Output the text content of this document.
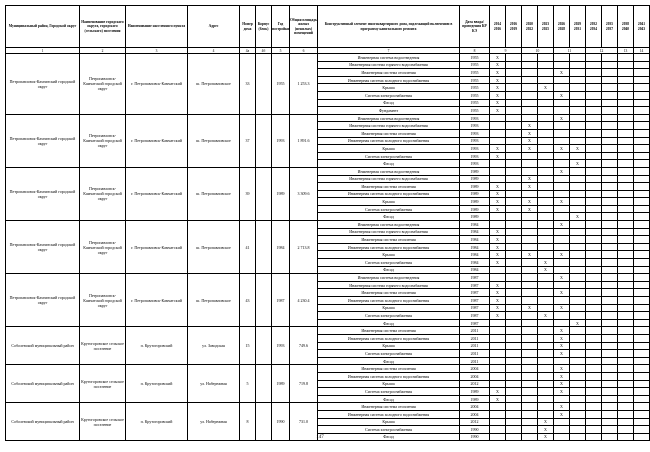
Муниципальный район, Городской округ	Наименование городского округа, городского (сельского) поселения	Наименование населенного пункта	Адрес	Номер дома	Корпус (блок)	Год постройки	Общая площадь жилых (нежилых) помещений	Конструктивный элемент многоквартирного дома, подлежащий включению в программу капитального ремонта	Дата ввода/ проведения КР КЭ	2014 2016	2016 2019	2020 2022	2023 2025	2026 2028	2029 2031	2032 2034	2035 2037	2038 2040	2041 2043
1	2	3	4	4а	4б	5	6	7	8	9		10		11		12		13	14
Петропавловск-Камчатский городской округ	Петропавловск-Камчатский городской округ	г. Петропавловск-Камчатский	ш. Петропавловское	33		1955	1 253.3	Инженерная система водоотведения	1955	X									
								Инженерная система горячего водоснабжения	1955	X									
								Инженерная система отопления	1955	X				X					
								Инженерная система холодного водоснабжения	1955	X									
								Крыша	1955	X			X						
								Система электроснабжения	1955	X				X					
								Фасад	1955	X									
								Фундамент	1955	X									
Петропавловск-Камчатский городской округ	Петропавловск-Камчатский городской округ	г. Петропавловск-Камчатский	ш. Петропавловское	37		1993	1 891.6	Инженерная система водоотведения	1993					X					
								Инженерная система горячего водоснабжения	1993			X							
								Инженерная система отопления	1993			X							
								Инженерная система холодного водоснабжения	1993			X							
								Крыша	1993	X		X		X	X				
								Система электроснабжения	1993	X									
								Фасад	1993						X				
Петропавловск-Камчатский городской округ	Петропавловск-Камчатский городской округ	г. Петропавловск-Камчатский	ш. Петропавловское	39		1989	3 309.6	Инженерная система водоотведения	1989					X					
								Инженерная система горячего водоснабжения	1989			X							
								Инженерная система отопления	1989	X		X							
								Инженерная система холодного водоснабжения	1989	X									
								Крыша	1989	X		X		X					
								Система электроснабжения	1989	X		X							
								Фасад	1989						X				
Петропавловск-Камчатский городской округ	Петропавловск-Камчатский городской округ	г. Петропавловск-Камчатский	ш. Петропавловское	41		1984	2 713.8	Инженерная система водоотведения	1984					X					
								Инженерная система горячего водоснабжения	1984	X									
								Инженерная система отопления	1984	X									
								Инженерная система холодного водоснабжения	1984	X									
								Крыша	1984	X		X		X					
								Система электроснабжения	1984	X			X						
								Фасад	1984				X						
Петропавловск-Камчатский городской округ	Петропавловск-Камчатский городской округ	г. Петропавловск-Камчатский	ш. Петропавловское	43		1987	4 230.4	Инженерная система водоотведения	1987					X					
								Инженерная система горячего водоснабжения	1987	X									
								Инженерная система отопления	1987	X				X					
								Инженерная система холодного водоснабжения	1987	X									
								Крыша	1987	X		X		X					
								Система электроснабжения	1987	X			X						
								Фасад	1987						X				
Соболевский муниципальный район	Крутогоровское сельское поселение	п. Крутогоровский	ул. Заводская	15		1993	749.6	Инженерная система отопления	2011					X					
								Инженерная система холодного водоснабжения	2011					X					
								Крыша	2011					X					
								Система электроснабжения	2011					X					
								Фасад	2011										
Соболевский муниципальный район	Крутогоровское сельское поселение	п. Крутогоровский	ул. Набережная	5		1989	719.8	Инженерная система отопления	2004					X					
								Инженерная система холодного водоснабжения	2004					X					
								Крыша	2012					X					
								Система электроснабжения	1989	X				X					
								Фасад	1989	X									
Соболевский муниципальный район	Крутогоровское сельское поселение	п. Крутогоровский	ул. Набережная	8		1990	731.0	Инженерная система отопления	2004					X					
								Инженерная система холодного водоснабжения	2004					X					
								Крыша	2012				X						
								Система электроснабжения	1990				X						
								Фасад	1990				X						
147
